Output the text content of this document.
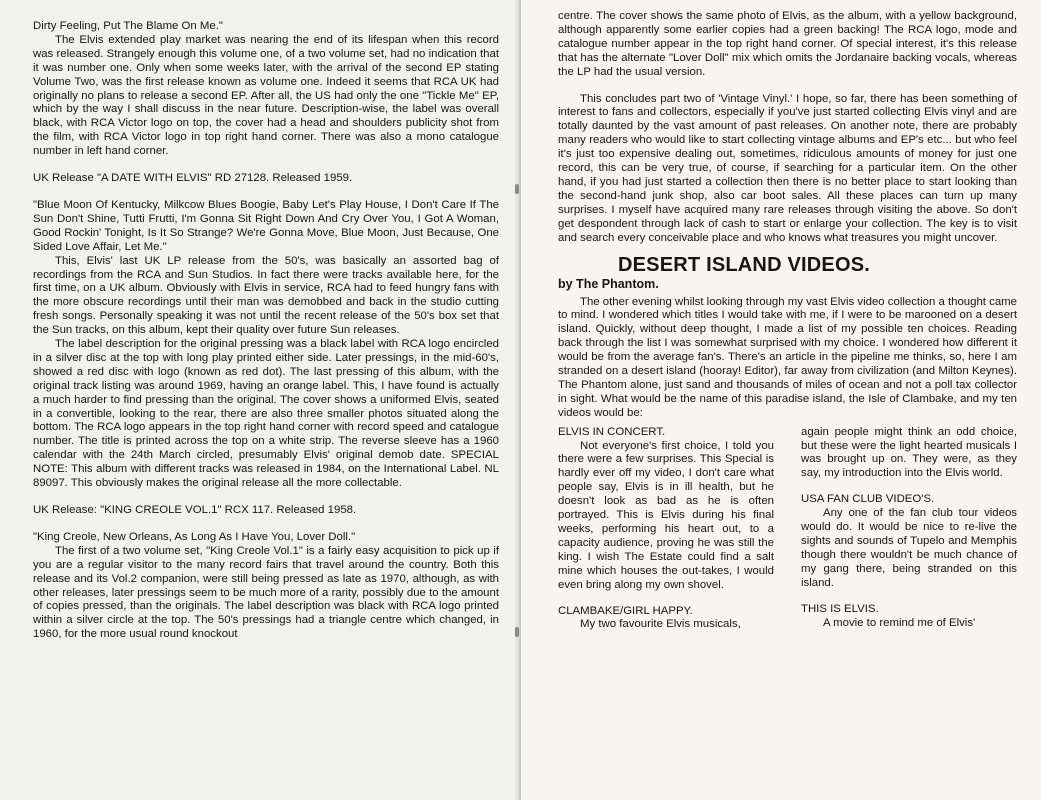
Dirty Feeling, Put The Blame On Me."

The Elvis extended play market was nearing the end of its lifespan when this record was released. Strangely enough this volume one, of a two volume set, had no indication that it was number one. Only when some weeks later, with the arrival of the second EP stating Volume Two, was the first release known as volume one. Indeed it seems that RCA UK had originally no plans to release a second EP. After all, the US had only the one "Tickle Me" EP, which by the way I shall discuss in the near future. Description-wise, the label was overall black, with RCA Victor logo on top, the cover had a head and shoulders publicity shot from the film, with RCA Victor logo in top right hand corner. There was also a mono catalogue number in left hand corner.

UK Release "A DATE WITH ELVIS" RD 27128. Released 1959.

"Blue Moon Of Kentucky, Milkcow Blues Boogie, Baby Let's Play House, I Don't Care If The Sun Don't Shine, Tutti Frutti, I'm Gonna Sit Right Down And Cry Over You, I Got A Woman, Good Rockin' Tonight, Is It So Strange? We're Gonna Move, Blue Moon, Just Because, One Sided Love Affair, Let Me."

This, Elvis' last UK LP release from the 50's, was basically an assorted bag of recordings from the RCA and Sun Studios. In fact there were tracks available here, for the first time, on a UK album. Obviously with Elvis in service, RCA had to feed hungry fans with the more obscure recordings until their man was demobbed and back in the studio cutting fresh songs. Personally speaking it was not until the recent release of the 50's box set that the Sun tracks, on this album, kept their quality over future Sun releases.

The label description for the original pressing was a black label with RCA logo encircled in a silver disc at the top with long play printed either side. Later pressings, in the mid-60's, showed a red disc with logo (known as red dot). The last pressing of this album, with the original track listing was around 1969, having an orange label. This, I have found is actually a much harder to find pressing than the original. The cover shows a uniformed Elvis, seated in a convertible, looking to the rear, there are also three smaller photos situated along the bottom. The RCA logo appears in the top right hand corner with record speed and catalogue number. The title is printed across the top on a white strip. The reverse sleeve has a 1960 calendar with the 24th March circled, presumably Elvis' original demob date. SPECIAL NOTE: This album with different tracks was released in 1984, on the International Label. NL 89097. This obviously makes the original release all the more collectable.

UK Release: "KING CREOLE VOL.1" RCX 117. Released 1958.

"King Creole, New Orleans, As Long As I Have You, Lover Doll."

The first of a two volume set, "King Creole Vol.1" is a fairly easy acquisition to pick up if you are a regular visitor to the many record fairs that travel around the country. Both this release and its Vol.2 companion, were still being pressed as late as 1970, although, as with other releases, later pressings seem to be much more of a rarity, possibly due to the amount of copies pressed, than the originals. The label description was black with RCA logo printed within a silver circle at the top. The 50's pressings had a triangle centre which changed, in 1960, for the more usual round knockout

centre. The cover shows the same photo of Elvis, as the album, with a yellow background, although apparently some earlier copies had a green backing! The RCA logo, mode and catalogue number appear in the top right hand corner. Of special interest, it's this release that has the alternate "Lover Doll" mix which omits the Jordanaire backing vocals, whereas the LP had the usual version.

This concludes part two of 'Vintage Vinyl.' I hope, so far, there has been something of interest to fans and collectors, especially if you've just started collecting Elvis vinyl and are totally daunted by the vast amount of past releases. On another note, there are probably many readers who would like to start collecting vintage albums and EP's etc... but who feel it's just too expensive dealing out, sometimes, ridiculous amounts of money for just one record, this can be very true, of course, if searching for a particular item. On the other hand, if you had just started a collection then there is no better place to start looking than the second-hand junk shop, also car boot sales. All these places can turn up many surprises. I myself have acquired many rare releases through visiting the above. So don't get despondent through lack of cash to start or enlarge your collection. The key is to visit and search every conceivable place and who knows what treasures you might uncover.

DESERT ISLAND VIDEOS.
by The Phantom.

The other evening whilst looking through my vast Elvis video collection a thought came to mind. I wondered which titles I would take with me, if I were to be marooned on a desert island. Quickly, without deep thought, I made a list of my possible ten choices. Reading back through the list I was somewhat surprised with my choice. I wondered how different it would be from the average fan's. There's an article in the pipeline me thinks, so, here I am stranded on a desert island (hooray! Editor), far away from civilization (and Milton Keynes). The Phantom alone, just sand and thousands of miles of ocean and not a poll tax collector in sight. What would be the name of this paradise island, the Isle of Clambake, and my ten videos would be:

ELVIS IN CONCERT.

Not everyone's first choice, I told you there were a few surprises. This Special is hardly ever off my video, I don't care what people say, Elvis is in ill health, but he doesn't look as bad as he is often portrayed. This is Elvis during his final weeks, performing his heart out, to a capacity audience, proving he was still the king. I wish The Estate could find a salt mine which houses the out-takes, I would even bring along my own shovel.

CLAMBAKE/GIRL HAPPY.

My two favourite Elvis musicals,

again people might think an odd choice, but these were the light hearted musicals I was brought up on. They were, as they say, my introduction into the Elvis world.

USA FAN CLUB VIDEO'S.

Any one of the fan club tour videos would do. It would be nice to re-live the sights and sounds of Tupelo and Memphis though there wouldn't be much chance of my gang there, being stranded on this island.

THIS IS ELVIS.

A movie to remind me of Elvis'
